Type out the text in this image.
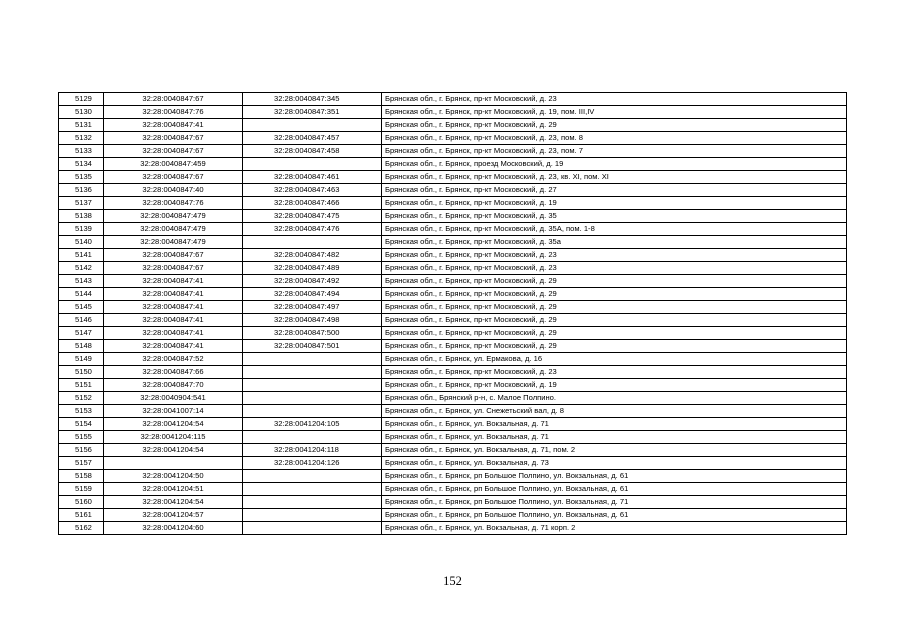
5129	32:28:0040847:67	32:28:0040847:345	Брянская обл., г. Брянск, пр-кт Московский, д. 23
5130	32:28:0040847:76	32:28:0040847:351	Брянская обл., г. Брянск, пр-кт Московский, д. 19, пом. III,IV
5131	32:28:0040847:41		Брянская обл., г. Брянск, пр-кт Московский, д. 29
5132	32:28:0040847:67	32:28:0040847:457	Брянская обл., г. Брянск, пр-кт Московский, д. 23, пом. 8
5133	32:28:0040847:67	32:28:0040847:458	Брянская обл., г. Брянск, пр-кт Московский, д. 23, пом. 7
5134	32:28:0040847:459		Брянская обл., г. Брянск, проезд Московский, д. 19
5135	32:28:0040847:67	32:28:0040847:461	Брянская обл., г. Брянск, пр-кт Московский, д. 23, кв. XI, пом. XI
5136	32:28:0040847:40	32:28:0040847:463	Брянская обл., г. Брянск, пр-кт Московский, д. 27
5137	32:28:0040847:76	32:28:0040847:466	Брянская обл., г. Брянск, пр-кт Московский, д. 19
5138	32:28:0040847:479	32:28:0040847:475	Брянская обл., г. Брянск, пр-кт Московский, д. 35
5139	32:28:0040847:479	32:28:0040847:476	Брянская обл., г. Брянск, пр-кт Московский, д. 35А, пом. 1-8
5140	32:28:0040847:479		Брянская обл., г. Брянск, пр-кт Московский, д. 35а
5141	32:28:0040847:67	32:28:0040847:482	Брянская обл., г. Брянск, пр-кт Московский, д. 23
5142	32:28:0040847:67	32:28:0040847:489	Брянская обл., г. Брянск, пр-кт Московский, д. 23
5143	32:28:0040847:41	32:28:0040847:492	Брянская обл., г. Брянск, пр-кт Московский, д. 29
5144	32:28:0040847:41	32:28:0040847:494	Брянская обл., г. Брянск, пр-кт Московский, д. 29
5145	32:28:0040847:41	32:28:0040847:497	Брянская обл., г. Брянск, пр-кт Московский, д. 29
5146	32:28:0040847:41	32:28:0040847:498	Брянская обл., г. Брянск, пр-кт Московский, д. 29
5147	32:28:0040847:41	32:28:0040847:500	Брянская обл., г. Брянск, пр-кт Московский, д. 29
5148	32:28:0040847:41	32:28:0040847:501	Брянская обл., г. Брянск, пр-кт Московский, д. 29
5149	32:28:0040847:52		Брянская обл., г. Брянск, ул. Ермакова, д. 16
5150	32:28:0040847:66		Брянская обл., г. Брянск, пр-кт Московский, д. 23
5151	32:28:0040847:70		Брянская обл., г. Брянск, пр-кт Московский, д. 19
5152	32:28:0040904:541		Брянская обл., Брянский р-н, с. Малое Полпино.
5153	32:28:0041007:14		Брянская обл., г. Брянск, ул. Снежетьский вал, д. 8
5154	32:28:0041204:54	32:28:0041204:105	Брянская обл., г. Брянск, ул. Вокзальная, д. 71
5155	32:28:0041204:115		Брянская обл., г. Брянск, ул. Вокзальная, д. 71
5156	32:28:0041204:54	32:28:0041204:118	Брянская обл., г. Брянск, ул. Вокзальная, д. 71, пом. 2
5157		32:28:0041204:126	Брянская обл., г. Брянск, ул. Вокзальная, д. 73
5158	32:28:0041204:50		Брянская обл., г. Брянск, рп Большое Полпино, ул. Вокзальная, д. 61
5159	32:28:0041204:51		Брянская обл., г. Брянск, рп Большое Полпино, ул. Вокзальная, д. 61
5160	32:28:0041204:54		Брянская обл., г. Брянск, рп Большое Полпино, ул. Вокзальная, д. 71
5161	32:28:0041204:57		Брянская обл., г. Брянск, рп Большое Полпино, ул. Вокзальная, д. 61
5162	32:28:0041204:60		Брянская обл., г. Брянск, ул. Вокзальная, д. 71 корп. 2
152
